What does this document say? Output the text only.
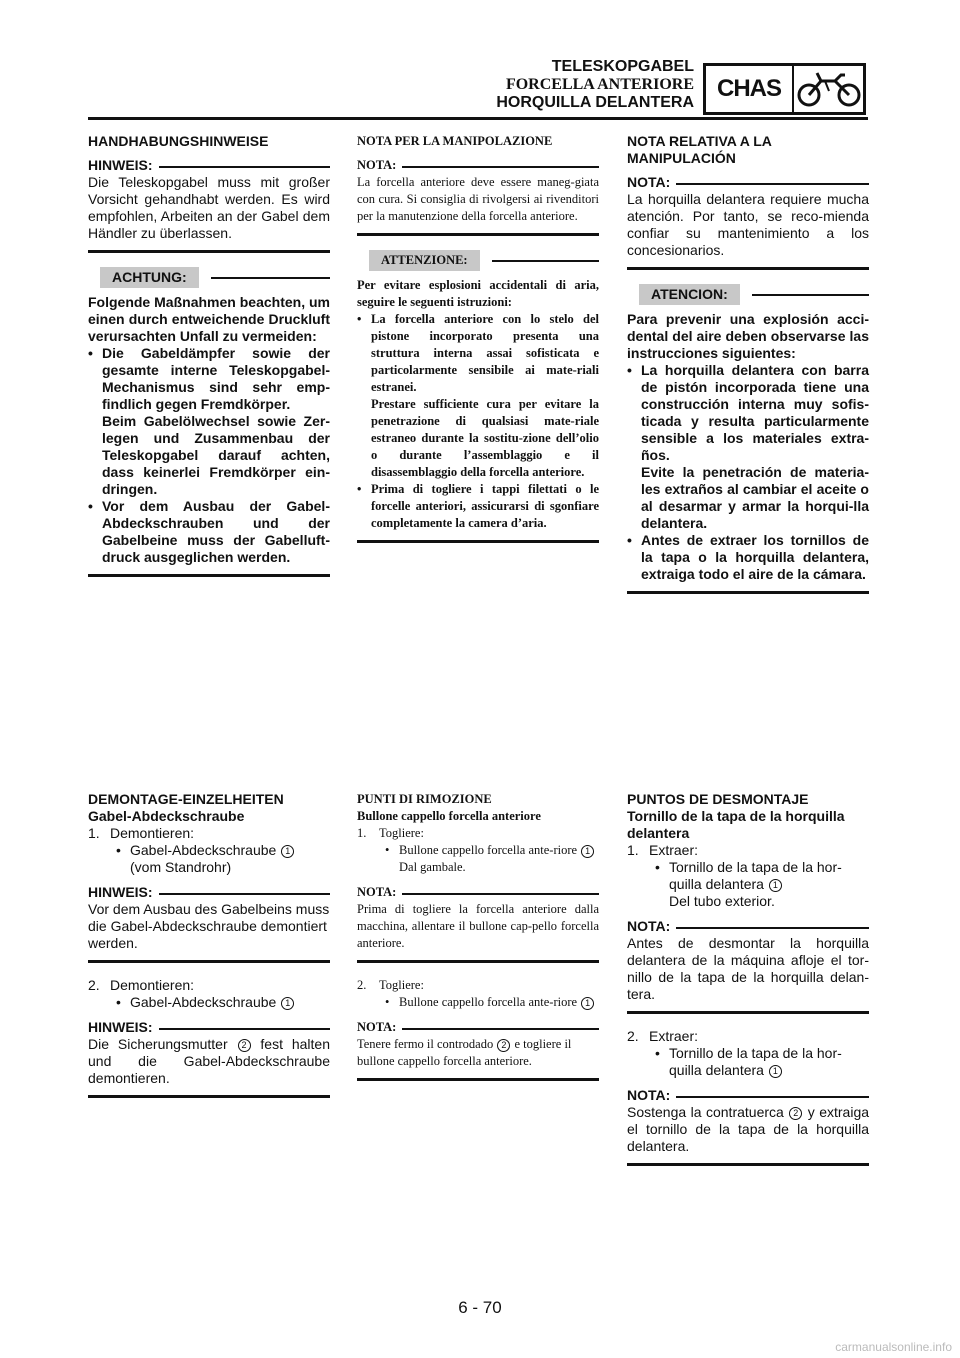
TELESKOPGABEL
FORCELLA ANTERIORE
HORQUILLA DELANTERA
CHAS

HANDHABUNGSHINWEISE

HINWEIS:

Die Teleskopgabel muss mit großer Vorsicht gehandhabt werden. Es wird empfohlen, Arbeiten an der Gabel dem Händler zu überlassen.

ACHTUNG:

Folgende Maßnahmen beachten, um einen durch entweichende Druckluft verursachten Unfall zu vermeiden:

• Die Gabeldämpfer sowie der gesamte interne Teleskopgabel-Mechanismus sind sehr emp-findlich gegen Fremdkörper.

Beim Gabelölwechsel sowie Zer-legen und Zusammenbau der Teleskopgabel darauf achten, dass keinerlei Fremdkörper ein-dringen.

• Vor dem Ausbau der Gabel-Abdeckschrauben und der Gabelbeine muss der Gabelluft-druck ausgeglichen werden.

NOTA PER LA MANIPOLAZIONE

NOTA:

La forcella anteriore deve essere maneg-giata con cura. Si consiglia di rivolgersi ai rivenditori per la manutenzione della forcella anteriore.

ATTENZIONE:

Per evitare esplosioni accidentali di aria, seguire le seguenti istruzioni:

• La forcella anteriore con lo stelo del pistone incorporato presenta una struttura interna assai sofisticata e particolarmente sensibile ai mate-riali estranei.

Prestare sufficiente cura per evitare la penetrazione di qualsiasi mate-riale estraneo durante la sostitu-zione dell’olio o durante l’assemblaggio e il disassemblaggio della forcella anteriore.

• Prima di togliere i tappi filettati o le forcelle anteriori, assicurarsi di sgonfiare completamente la camera d’aria.

NOTA RELATIVA A LA MANIPULACIÓN

NOTA:

La horquilla delantera requiere mucha atención. Por tanto, se reco-mienda confiar su mantenimiento a los concesionarios.

ATENCION:

Para prevenir una explosión acci-dental del aire deben observarse las instrucciones siguientes:

• La horquilla delantera con barra de pistón incorporada tiene una construcción interna muy sofis-ticada y resulta particularmente sensible a los materiales extra-ños.

Evite la penetración de materia-les extraños al cambiar el aceite o al desarmar y armar la horqui-lla delantera.

• Antes de extraer los tornillos de la tapa o la horquilla delantera, extraiga todo el aire de la cámara.

DEMONTAGE-EINZELHEITEN

Gabel-Abdeckschraube

1. Demontieren:
• Gabel-Abdeckschraube 1
(vom Standrohr)
HINWEIS:

Vor dem Ausbau des Gabelbeins muss die Gabel-Abdeckschraube demontiert werden.

2. Demontieren:
• Gabel-Abdeckschraube 1
HINWEIS:

Die Sicherungsmutter 2 fest halten und die Gabel-Abdeckschraube demontieren.

PUNTI DI RIMOZIONE

Bullone cappello forcella anteriore

1.	Togliere:
• Bullone cappello forcella ante-riore 1
Dal gambale.
NOTA:

Prima di togliere la forcella anteriore dalla macchina, allentare il bullone cap-pello forcella anteriore.

2.	Togliere:
• Bullone cappello forcella ante-riore 1
NOTA:

Tenere fermo il controdado 2 e togliere il bullone cappello forcella anteriore.

PUNTOS DE DESMONTAJE

Tornillo de la tapa de la horquilla delantera

1. Extraer:
• Tornillo de la tapa de la hor-quilla delantera 1
Del tubo exterior.
NOTA:

Antes de desmontar la horquilla delantera de la máquina afloje el tor-nillo de la tapa de la horquilla delan-tera.

2. Extraer:
• Tornillo de la tapa de la hor-quilla delantera 1
NOTA:

Sostenga la contratuerca 2 y extraiga el tornillo de la tapa de la horquilla delantera.

6 - 70
carmanualsonline.info
